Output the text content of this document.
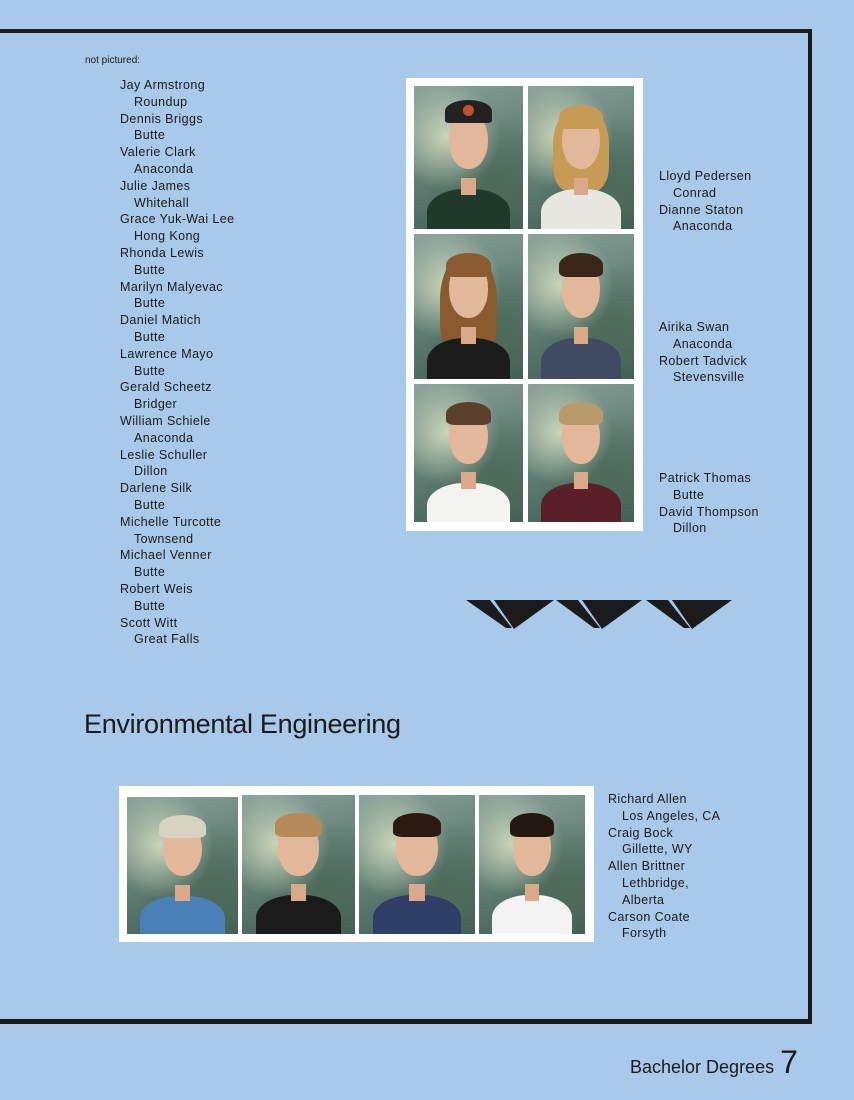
not pictured:
Jay Armstrong
Roundup
Dennis Briggs
Butte
Valerie Clark
Anaconda
Julie James
Whitehall
Grace Yuk-Wai Lee
Hong Kong
Rhonda Lewis
Butte
Marilyn Malyevac
Butte
Daniel Matich
Butte
Lawrence Mayo
Butte
Gerald Scheetz
Bridger
William Schiele
Anaconda
Leslie Schuller
Dillon
Darlene Silk
Butte
Michelle Turcotte
Townsend
Michael Venner
Butte
Robert Weis
Butte
Scott Witt
Great Falls
Lloyd Pedersen
Conrad
Dianne Staton
Anaconda
Airika Swan
Anaconda
Robert Tadvick
Stevensville
Patrick Thomas
Butte
David Thompson
Dillon
Environmental Engineering
Richard Allen
Los Angeles, CA
Craig Bock
Gillette, WY
Allen Brittner
Lethbridge,
Alberta
Carson Coate
Forsyth
Bachelor Degrees 7
